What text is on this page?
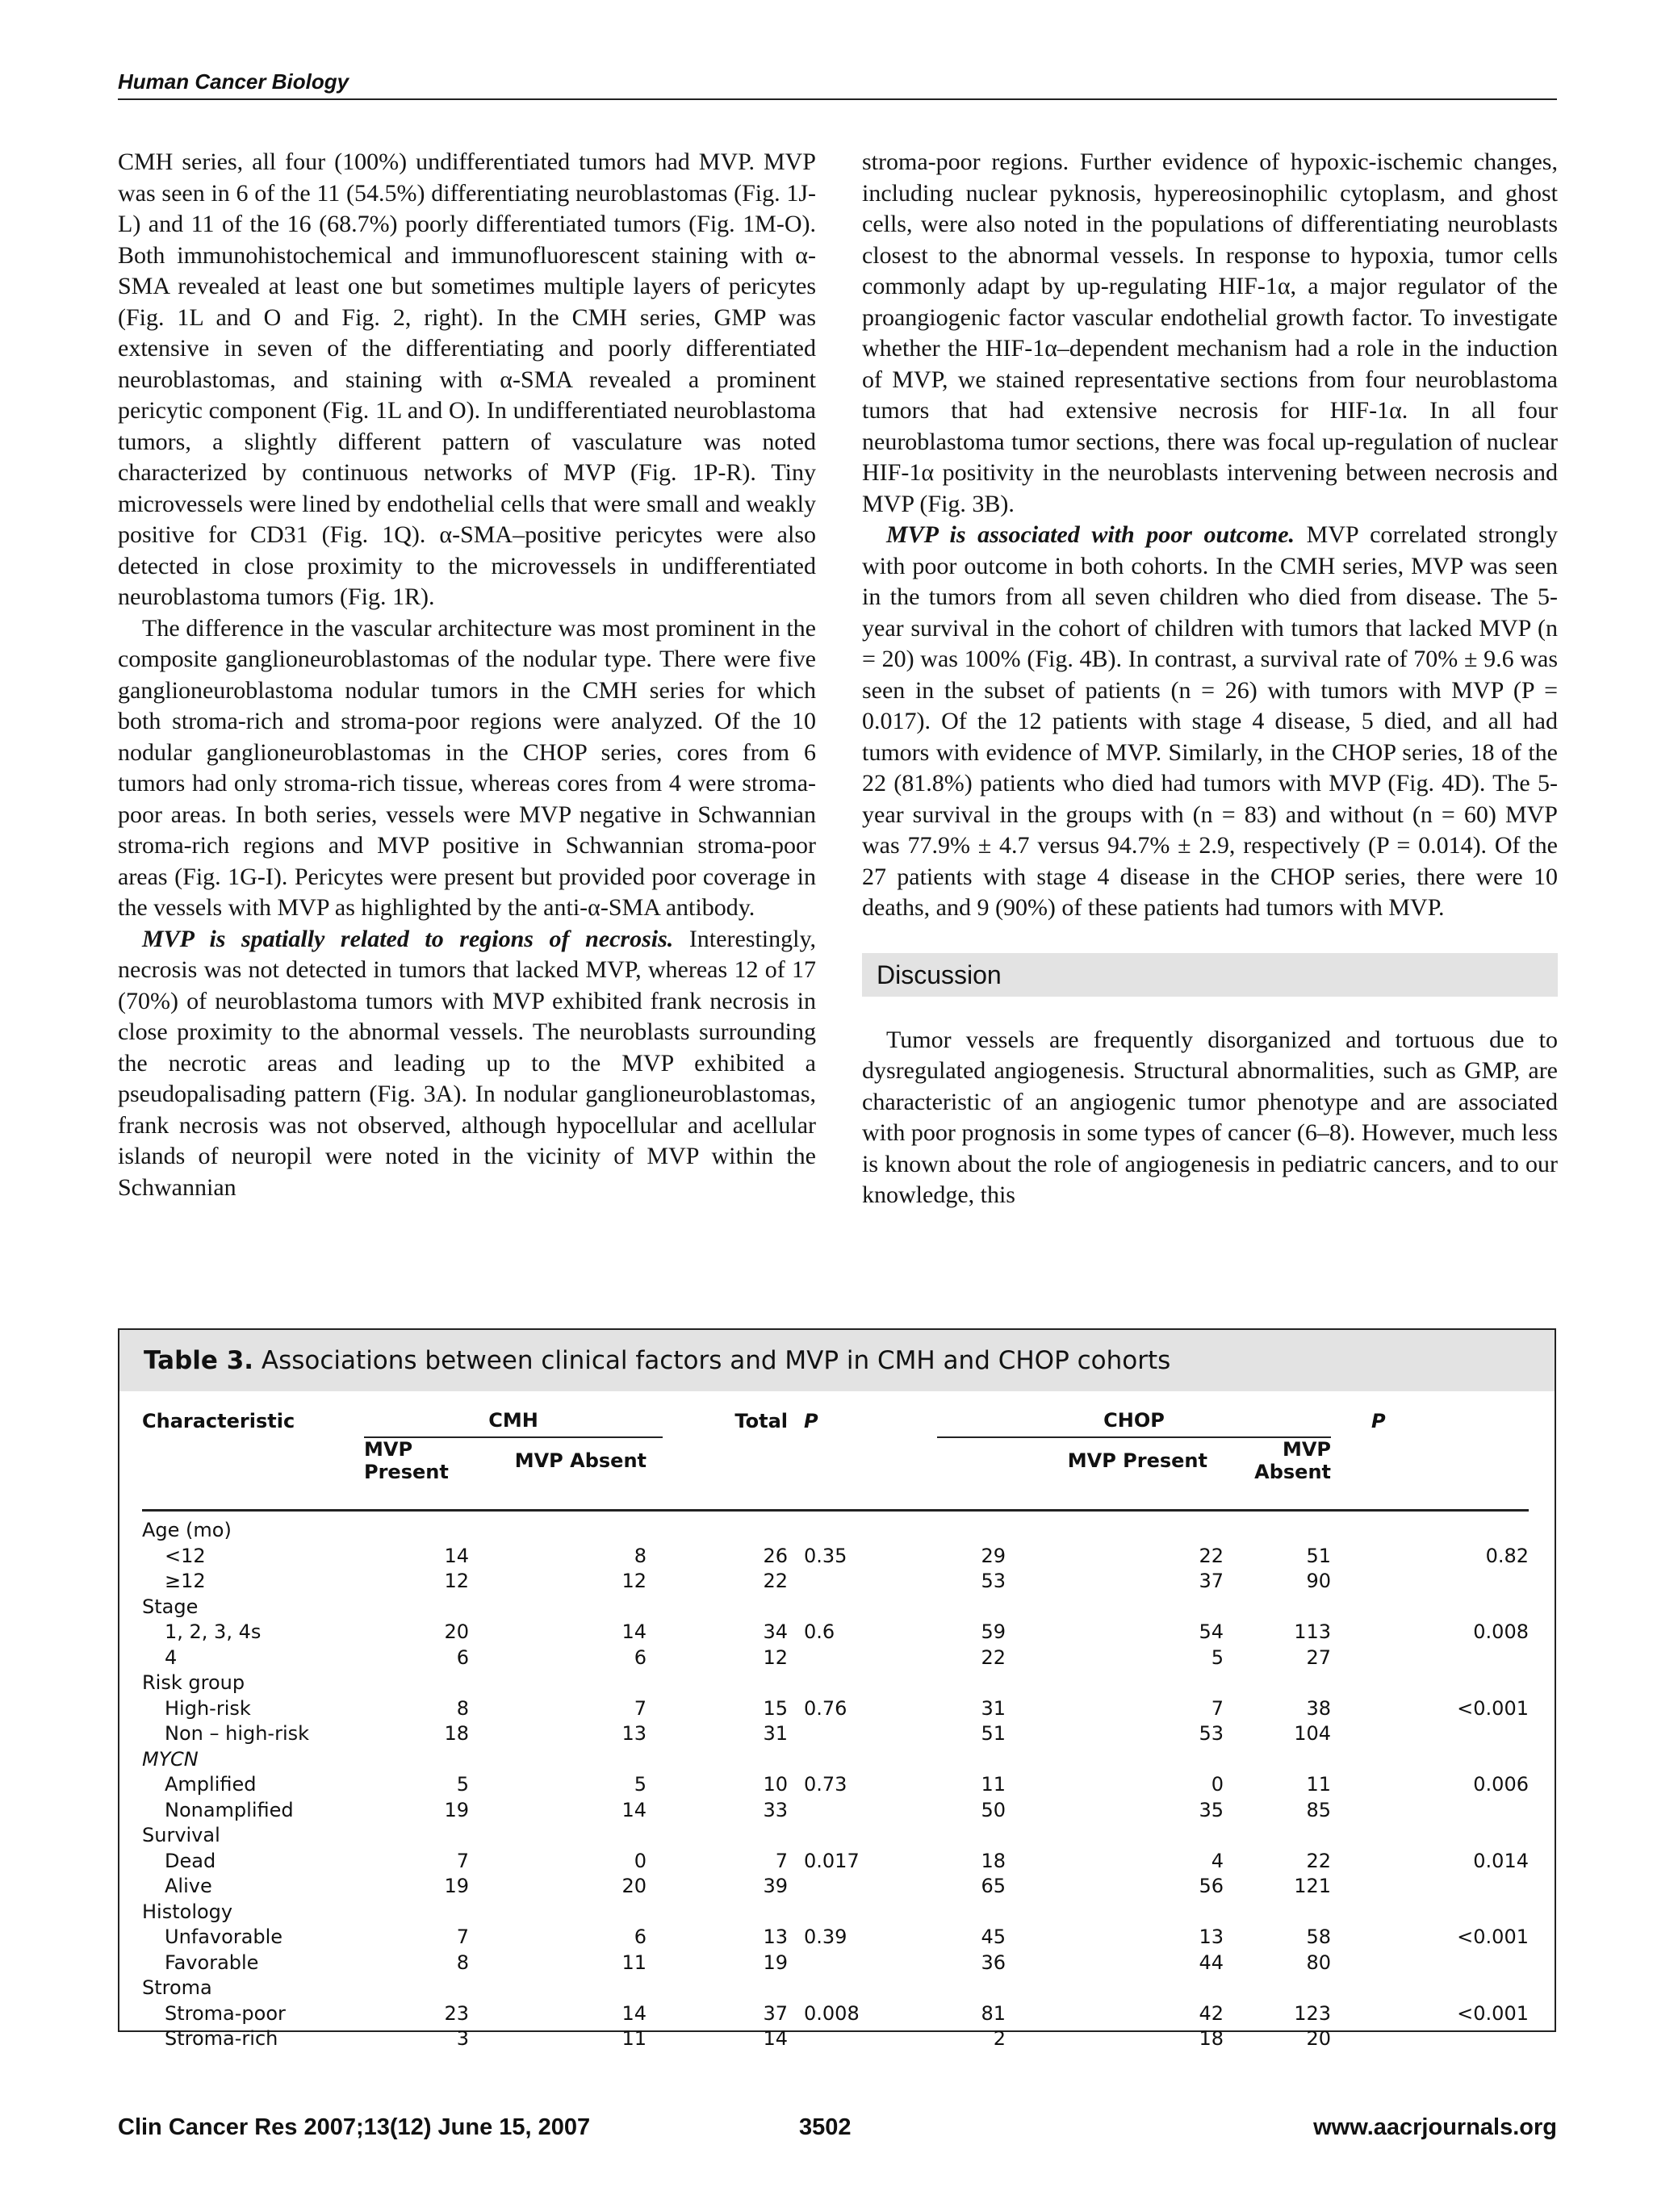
Human Cancer Biology

CMH series, all four (100%) undifferentiated tumors had MVP. MVP was seen in 6 of the 11 (54.5%) differentiating neuroblastomas (Fig. 1J-L) and 11 of the 16 (68.7%) poorly differentiated tumors (Fig. 1M-O). Both immunohistochemical and immunofluorescent staining with α-SMA revealed at least one but sometimes multiple layers of pericytes (Fig. 1L and O and Fig. 2, right). In the CMH series, GMP was extensive in seven of the differentiating and poorly differentiated neuroblastomas, and staining with α-SMA revealed a prominent pericytic component (Fig. 1L and O). In undifferentiated neuroblastoma tumors, a slightly different pattern of vasculature was noted characterized by continuous networks of MVP (Fig. 1P-R). Tiny microvessels were lined by endothelial cells that were small and weakly positive for CD31 (Fig. 1Q). α-SMA–positive pericytes were also detected in close proximity to the microvessels in undifferentiated neuroblastoma tumors (Fig. 1R).

The difference in the vascular architecture was most prominent in the composite ganglioneuroblastomas of the nodular type. There were five ganglioneuroblastoma nodular tumors in the CMH series for which both stroma-rich and stroma-poor regions were analyzed. Of the 10 nodular ganglioneuroblastomas in the CHOP series, cores from 6 tumors had only stroma-rich tissue, whereas cores from 4 were stroma-poor areas. In both series, vessels were MVP negative in Schwannian stroma-rich regions and MVP positive in Schwannian stroma-poor areas (Fig. 1G-I). Pericytes were present but provided poor coverage in the vessels with MVP as highlighted by the anti-α-SMA antibody.

MVP is spatially related to regions of necrosis. Interestingly, necrosis was not detected in tumors that lacked MVP, whereas 12 of 17 (70%) of neuroblastoma tumors with MVP exhibited frank necrosis in close proximity to the abnormal vessels. The neuroblasts surrounding the necrotic areas and leading up to the MVP exhibited a pseudopalisading pattern (Fig. 3A). In nodular ganglioneuroblastomas, frank necrosis was not observed, although hypocellular and acellular islands of neuropil were noted in the vicinity of MVP within the Schwannian

stroma-poor regions. Further evidence of hypoxic-ischemic changes, including nuclear pyknosis, hypereosinophilic cytoplasm, and ghost cells, were also noted in the populations of differentiating neuroblasts closest to the abnormal vessels. In response to hypoxia, tumor cells commonly adapt by up-regulating HIF-1α, a major regulator of the proangiogenic factor vascular endothelial growth factor. To investigate whether the HIF-1α–dependent mechanism had a role in the induction of MVP, we stained representative sections from four neuroblastoma tumors that had extensive necrosis for HIF-1α. In all four neuroblastoma tumor sections, there was focal up-regulation of nuclear HIF-1α positivity in the neuroblasts intervening between necrosis and MVP (Fig. 3B).

MVP is associated with poor outcome. MVP correlated strongly with poor outcome in both cohorts. In the CMH series, MVP was seen in the tumors from all seven children who died from disease. The 5-year survival in the cohort of children with tumors that lacked MVP (n = 20) was 100% (Fig. 4B). In contrast, a survival rate of 70% ± 9.6 was seen in the subset of patients (n = 26) with tumors with MVP (P = 0.017). Of the 12 patients with stage 4 disease, 5 died, and all had tumors with evidence of MVP. Similarly, in the CHOP series, 18 of the 22 (81.8%) patients who died had tumors with MVP (Fig. 4D). The 5-year survival in the groups with (n = 83) and without (n = 60) MVP was 77.9% ± 4.7 versus 94.7% ± 2.9, respectively (P = 0.014). Of the 27 patients with stage 4 disease in the CHOP series, there were 10 deaths, and 9 (90%) of these patients had tumors with MVP.

Discussion

Tumor vessels are frequently disorganized and tortuous due to dysregulated angiogenesis. Structural abnormalities, such as GMP, are characteristic of an angiogenic tumor phenotype and are associated with poor prognosis in some types of cancer (6–8). However, much less is known about the role of angiogenesis in pediatric cancers, and to our knowledge, this

Table 3. Associations between clinical factors and MVP in CMH and CHOP cohorts
Characteristic	CMH		Total	P	CHOP			P
	MVP Present	MVP Absent				MVP Present	MVP Absent	

Age (mo)								
<12	14	8	26	0.35	29	22	51	0.82
≥12	12	12	22		53	37	90	
Stage								
1, 2, 3, 4s	20	14	34	0.6	59	54	113	0.008
4	6	6	12		22	5	27	
Risk group								
High-risk	8	7	15	0.76	31	7	38	<0.001
Non – high-risk	18	13	31		51	53	104	
MYCN								
Amplified	5	5	10	0.73	11	0	11	0.006
Nonamplified	19	14	33		50	35	85	
Survival								
Dead	7	0	7	0.017	18	4	22	0.014
Alive	19	20	39		65	56	121	
Histology								
Unfavorable	7	6	13	0.39	45	13	58	<0.001
Favorable	8	11	19		36	44	80	
Stroma								
Stroma-poor	23	14	37	0.008	81	42	123	<0.001
Stroma-rich	3	11	14		2	18	20	
Clin Cancer Res 2007;13(12) June 15, 2007	3502	www.aacrjournals.org
